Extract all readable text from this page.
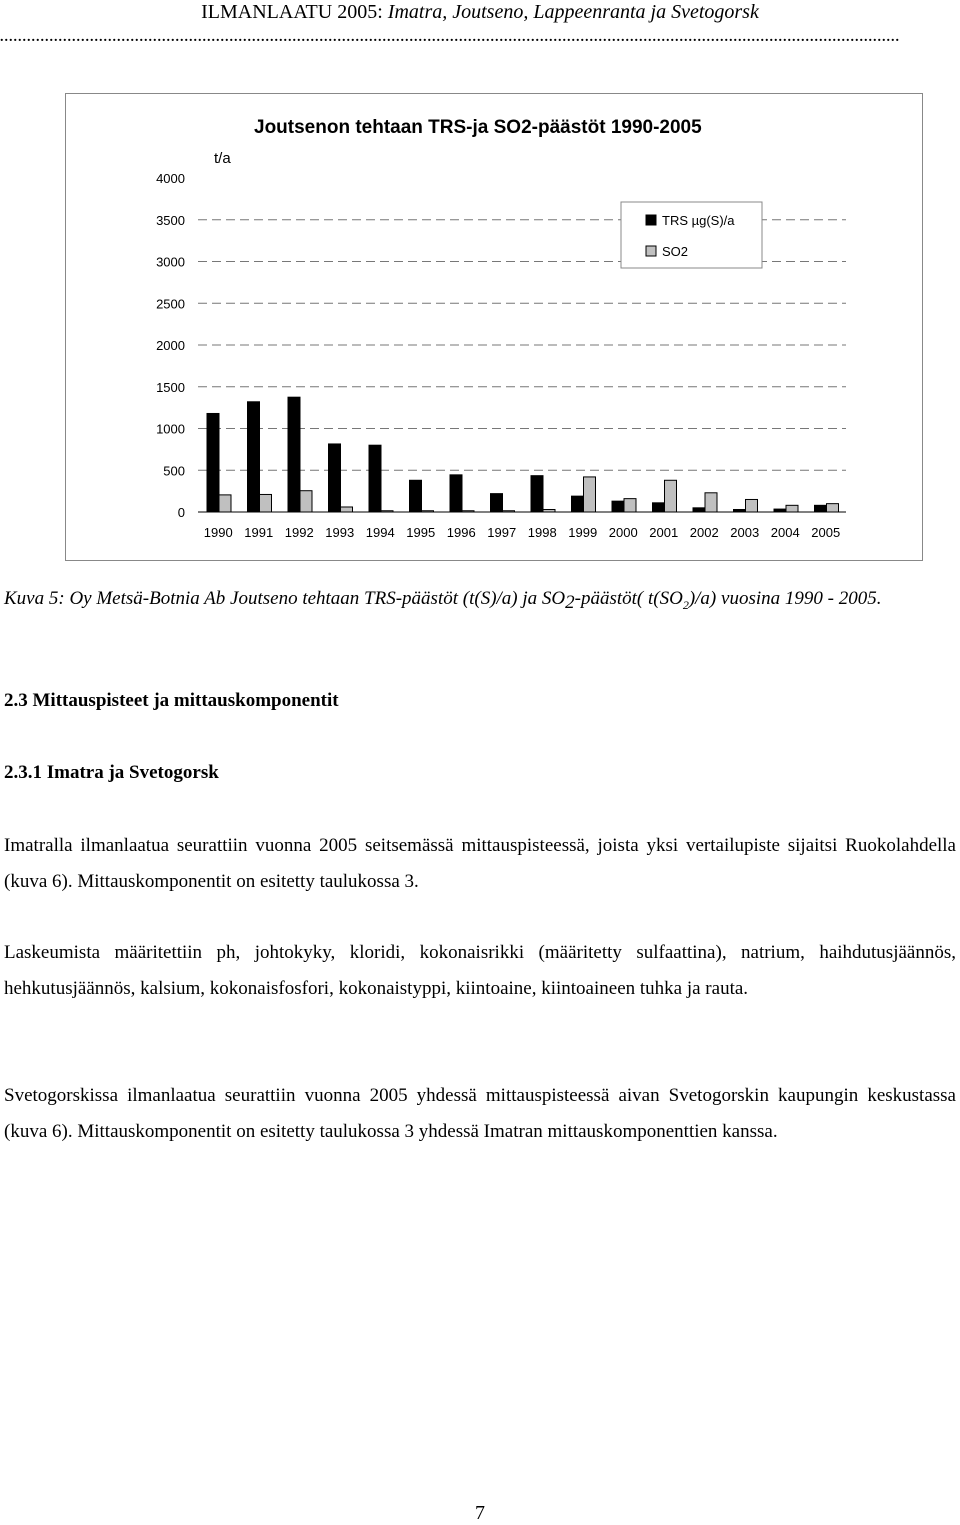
ILMANLAATU 2005: Imatra, Joutseno, Lappeenranta ja Svetogorsk
........................................................................................................................................................................................................
Joutsenon tehtaan TRS-ja SO2-päästöt 1990-2005
t/a
0
500
1000
1500
2000
2500
3000
3500
4000
1990 1991 1992 1993 1994 1995 1996 1997 1998 1999 2000 2001 2002 2003 2004 2005
TRS µg(S)/a
SO2
Kuva 5: Oy Metsä-Botnia Ab Joutseno tehtaan TRS-päästöt (t(S)/a) ja $SO_2-päästöt$( $t(SO_2)/a$) vuosina 1990 - 2005.
2.3 Mittauspisteet ja mittauskomponentit
2.3.1 Imatra ja Svetogorsk
Imatralla ilmanlaatua seurattiin vuonna 2005 seitsemässä mittauspisteessä, joista yksi vertailupiste sijaitsi Ruokolahdella (kuva 6). Mittauskomponentit on esitetty taulukossa 3.
Laskeumista määritettiin ph, johtokyky, kloridi, kokonaisrikki (määritetty sulfaattina), natrium, haihdutusjäännös, hehkutusjäännös, kalsium, kokonaisfosfori, kokonaistyppi, kiintoaine, kiintoaineen tuhka ja rauta.
Svetogorskissa ilmanlaatua seurattiin vuonna 2005 yhdessä mittauspisteessä aivan Svetogorskin kaupungin keskustassa (kuva 6). Mittauskomponentit on esitetty taulukossa 3 yhdessä Imatran mittauskomponenttien kanssa.
7
